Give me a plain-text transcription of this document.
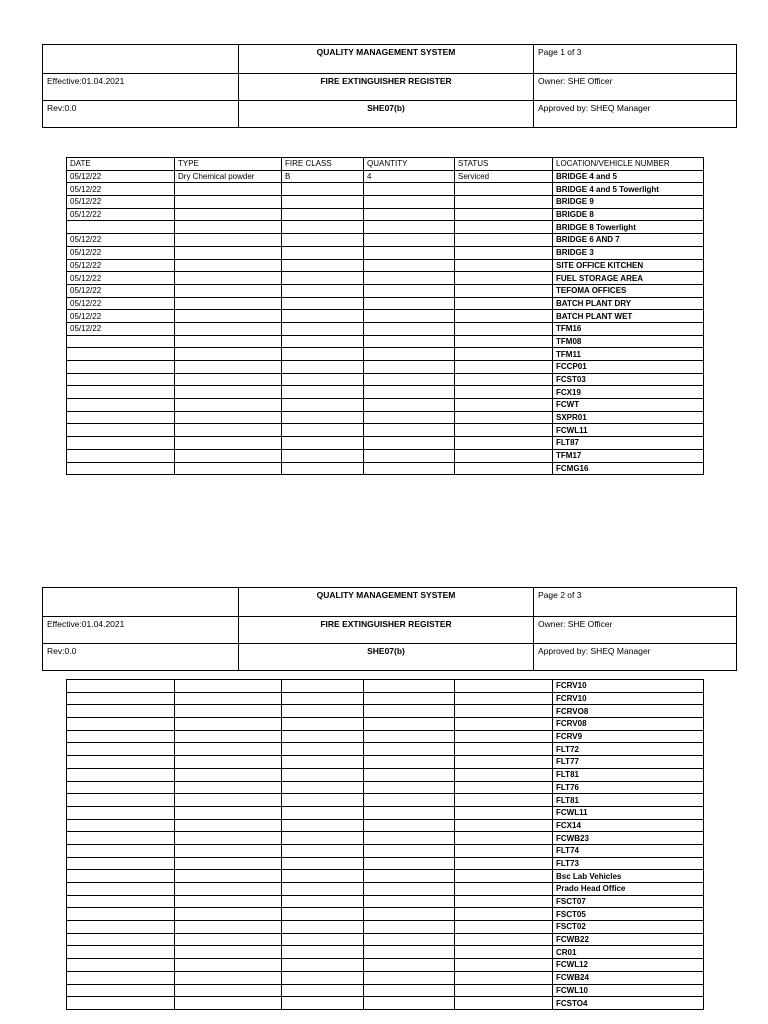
	QUALITY MANAGEMENT SYSTEM	Page 1 of 3
Effective:01.04.2021	FIRE EXTINGUISHER REGISTER	Owner: SHE Officer
Rev:0.0	SHE07(b)	Approved by: SHEQ Manager
DATE	TYPE	FIRE CLASS	QUANTITY	STATUS	LOCATION/VEHICLE NUMBER
05/12/22	Dry Chemical powder	B	4	Serviced	BRIDGE 4 and 5
05/12/22					BRIDGE 4 and 5 Towerlight
05/12/22					BRIDGE 9
05/12/22					BRIGDE 8
					BRIDGE 8 Towerlight
05/12/22					BRIDGE 6 AND 7
05/12/22					BRIDGE 3
05/12/22					SITE OFFICE KITCHEN
05/12/22					FUEL STORAGE AREA
05/12/22					TEFOMA OFFICES
05/12/22					BATCH PLANT DRY
05/12/22					BATCH PLANT WET
05/12/22					TFM16
					TFM08
					TFM11
					FCCP01
					FCST03
					FCX19
					FCWT
					SXPR01
					FCWL11
					FLT87
					TFM17
					FCMG16
	QUALITY MANAGEMENT SYSTEM	Page 2 of 3
Effective:01.04.2021	FIRE EXTINGUISHER REGISTER	Owner: SHE Officer
Rev:0.0	SHE07(b)	Approved by: SHEQ Manager
					FCRV10
					FCRV10
					FCRVO8
					FCRV08
					FCRV9
					FLT72
					FLT77
					FLT81
					FLT76
					FLT81
					FCWL11
					FCX14
					FCWB23
					FLT74
					FLT73
					Bsc Lab Vehicles
					Prado Head Office
					FSCT07
					FSCT05
					FSCT02
					FCWB22
					CR01
					FCWL12
					FCWB24
					FCWL10
					FCSTO4
